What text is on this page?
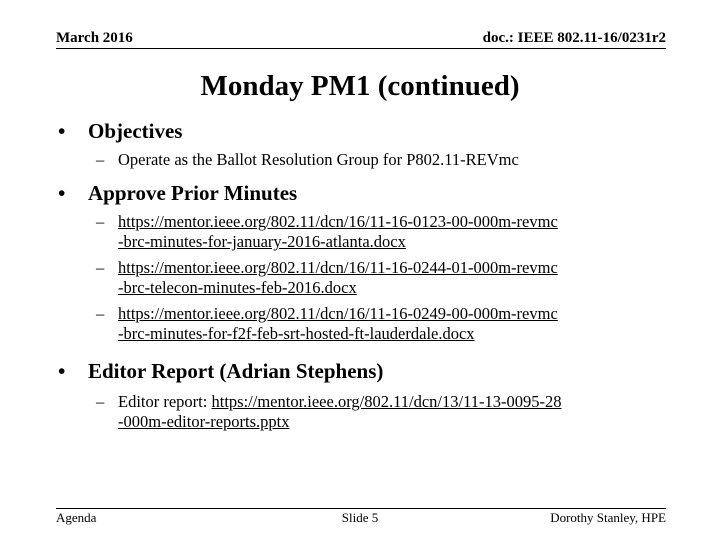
March 2016	doc.: IEEE 802.11-16/0231r2
Monday PM1 (continued)
• Objectives
– Operate as the Ballot Resolution Group for P802.11-REVmc
• Approve Prior Minutes
– https://mentor.ieee.org/802.11/dcn/16/11-16-0123-00-000m-revmc
-brc-minutes-for-january-2016-atlanta.docx
– https://mentor.ieee.org/802.11/dcn/16/11-16-0244-01-000m-revmc
-brc-telecon-minutes-feb-2016.docx
– https://mentor.ieee.org/802.11/dcn/16/11-16-0249-00-000m-revmc
-brc-minutes-for-f2f-feb-srt-hosted-ft-lauderdale.docx
• Editor Report (Adrian Stephens)
– Editor report: https://mentor.ieee.org/802.11/dcn/13/11-13-0095-28
-000m-editor-reports.pptx
Agenda	Slide 5	Dorothy Stanley, HPE
